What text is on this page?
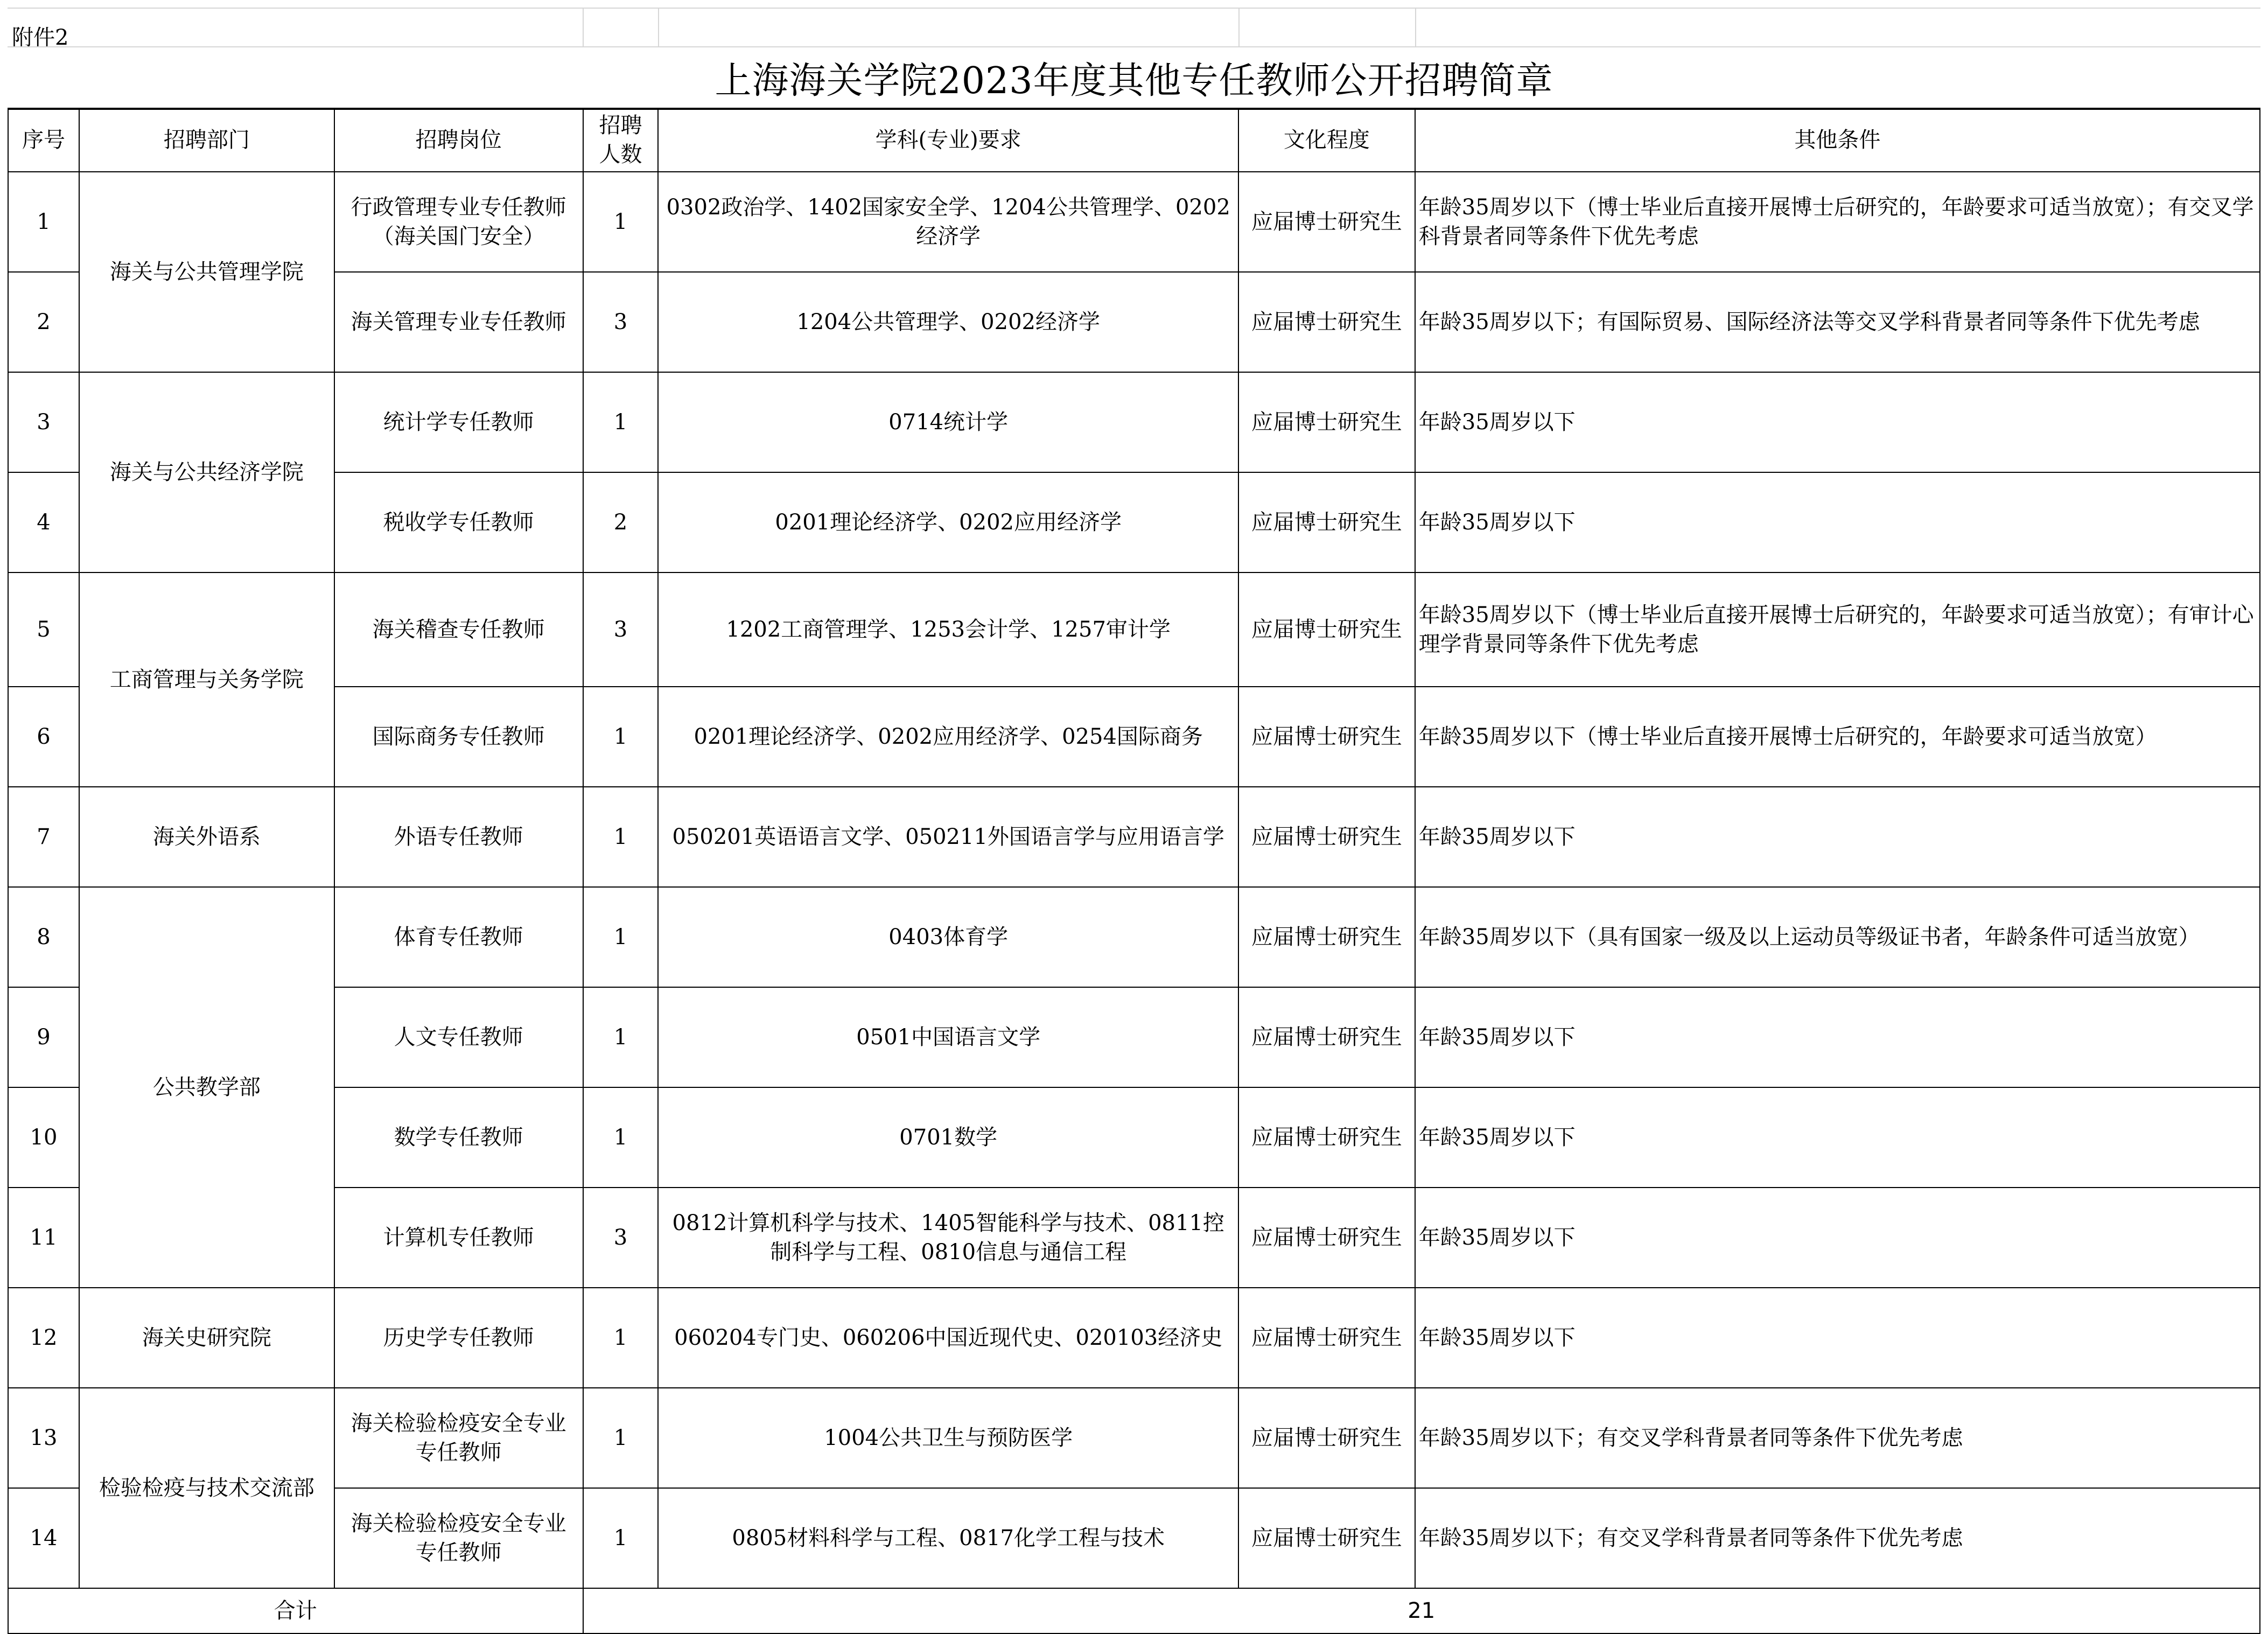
附件2
上海海关学院2023年度其他专任教师公开招聘简章
序号	招聘部门	招聘岗位	招聘人数	学科(专业)要求	文化程度	其他条件
1	海关与公共管理学院	行政管理专业专任教师（海关国门安全）	1	0302政治学、1402国家安全学、1204公共管理学、0202经济学	应届博士研究生	年龄35周岁以下（博士毕业后直接开展博士后研究的，年龄要求可适当放宽）；有交叉学科背景者同等条件下优先考虑
2		海关管理专业专任教师	3	1204公共管理学、0202经济学	应届博士研究生	年龄35周岁以下；有国际贸易、国际经济法等交叉学科背景者同等条件下优先考虑
3	海关与公共经济学院	统计学专任教师	1	0714统计学	应届博士研究生	年龄35周岁以下
4		税收学专任教师	2	0201理论经济学、0202应用经济学	应届博士研究生	年龄35周岁以下
5	工商管理与关务学院	海关稽查专任教师	3	1202工商管理学、1253会计学、1257审计学	应届博士研究生	年龄35周岁以下（博士毕业后直接开展博士后研究的，年龄要求可适当放宽）；有审计心理学背景同等条件下优先考虑
6		国际商务专任教师	1	0201理论经济学、0202应用经济学、0254国际商务	应届博士研究生	年龄35周岁以下（博士毕业后直接开展博士后研究的，年龄要求可适当放宽）
7	海关外语系	外语专任教师	1	050201英语语言文学、050211外国语言学与应用语言学	应届博士研究生	年龄35周岁以下
8	公共教学部	体育专任教师	1	0403体育学	应届博士研究生	年龄35周岁以下（具有国家一级及以上运动员等级证书者，年龄条件可适当放宽）
9		人文专任教师	1	0501中国语言文学	应届博士研究生	年龄35周岁以下
10		数学专任教师	1	0701数学	应届博士研究生	年龄35周岁以下
11		计算机专任教师	3	0812计算机科学与技术、1405智能科学与技术、0811控制科学与工程、0810信息与通信工程	应届博士研究生	年龄35周岁以下
12	海关史研究院	历史学专任教师	1	060204专门史、060206中国近现代史、020103经济史	应届博士研究生	年龄35周岁以下
13	检验检疫与技术交流部	海关检验检疫安全专业专任教师	1	1004公共卫生与预防医学	应届博士研究生	年龄35周岁以下；有交叉学科背景者同等条件下优先考虑
14		海关检验检疫安全专业专任教师	1	0805材料科学与工程、0817化学工程与技术	应届博士研究生	年龄35周岁以下；有交叉学科背景者同等条件下优先考虑
合计			21			
